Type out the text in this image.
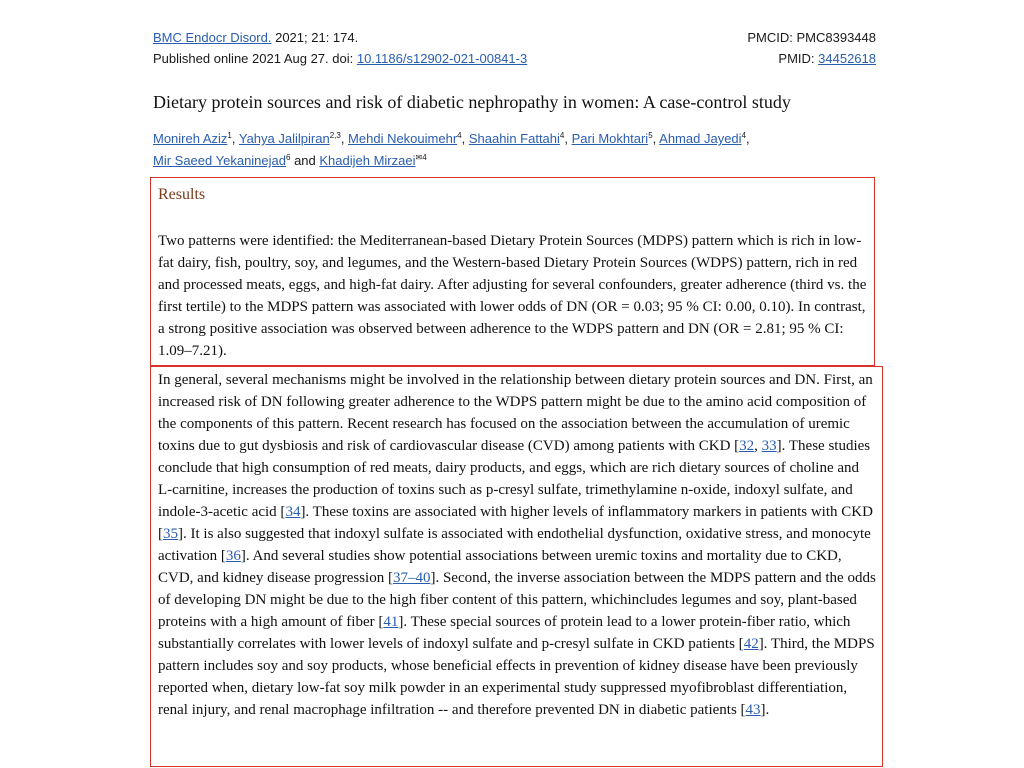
BMC Endocr Disord. 2021; 21: 174.	PMCID: PMC8393448
Published online 2021 Aug 27. doi: 10.1186/s12902-021-00841-3	PMID: 34452618
Dietary protein sources and risk of diabetic nephropathy in women: A case-control study
Monireh Aziz$^1$, Yahya Jalilpiran$^{2,3}$, Mehdi Nekouimehr$^4$, Shaahin Fattahi$^4$, Pari Mokhtari$^5$, Ahmad Jayedi$^4$,
Mir Saeed Yekaninejad$^6$ and Khadijeh Mirzaei$^{✉4}$
Results
Two patterns were identified: the Mediterranean-based Dietary Protein Sources (MDPS) pattern which is rich in low-fat dairy, fish, poultry, soy, and legumes, and the Western-based Dietary Protein Sources (WDPS) pattern, rich in red and processed meats, eggs, and high-fat dairy. After adjusting for several confounders, greater adherence (third vs. the first tertile) to the MDPS pattern was associated with lower odds of DN (OR = 0.03; 95 % CI: 0.00, 0.10). In contrast, a strong positive association was observed between adherence to the WDPS pattern and DN (OR = 2.81; 95 % CI: 1.09–7.21).
In general, several mechanisms might be involved in the relationship between dietary protein sources and DN. First, an increased risk of DN following greater adherence to the WDPS pattern might be due to the amino acid composition of the components of this pattern. Recent research has focused on the association between the accumulation of uremic toxins due to gut dysbiosis and risk of cardiovascular disease (CVD) among patients with CKD [32, 33]. These studies conclude that high consumption of red meats, dairy products, and eggs, which are rich dietary sources of choline and L-carnitine, increases the production of toxins such as p-cresyl sulfate, trimethylamine n-oxide, indoxyl sulfate, and indole-3-acetic acid [34]. These toxins are associated with higher levels of inflammatory markers in patients with CKD [35]. It is also suggested that indoxyl sulfate is associated with endothelial dysfunction, oxidative stress, and monocyte activation [36]. And several studies show potential associations between uremic toxins and mortality due to CKD, CVD, and kidney disease progression [37–40]. Second, the inverse association between the MDPS pattern and the odds of developing DN might be due to the high fiber content of this pattern, whichincludes legumes and soy, plant-based proteins with a high amount of fiber [41]. These special sources of protein lead to a lower protein-fiber ratio, which substantially correlates with lower levels of indoxyl sulfate and p-cresyl sulfate in CKD patients [42]. Third, the MDPS pattern includes soy and soy products, whose beneficial effects in prevention of kidney disease have been previously reported when, dietary low-fat soy milk powder in an experimental study suppressed myofibroblast differentiation, renal injury, and renal macrophage infiltration -- and therefore prevented DN in diabetic patients [43].
